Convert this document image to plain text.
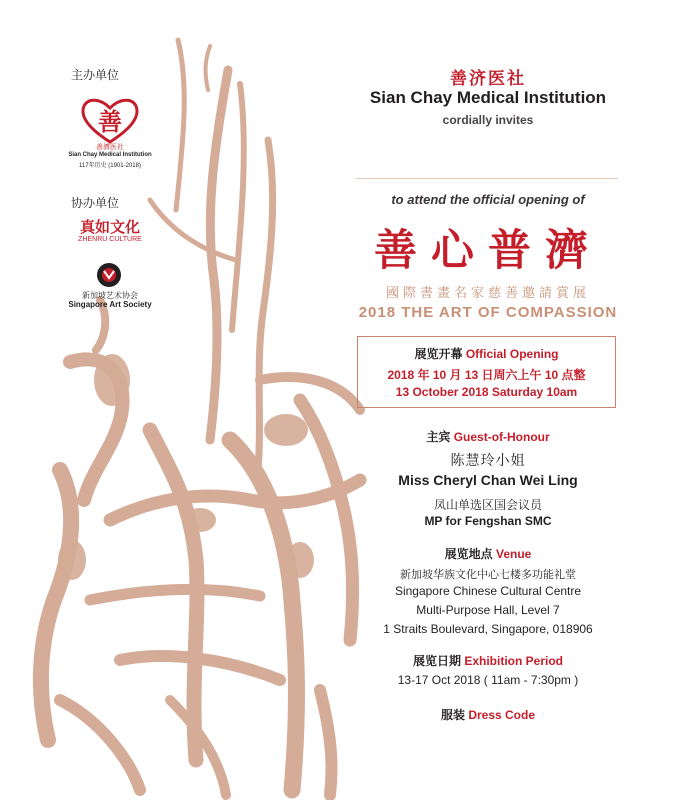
主办单位
善
善濟医社
Sian Chay Medical Institution
117年历史 (1901-2018)
协办单位
真如文化
ZHENRU CULTURE
新加坡艺术协会
Singapore Art Society
善济医社
Sian Chay Medical Institution
cordially invites
to attend the official opening of
善心普濟
國際書畫名家慈善邀請賞展
2018 THE ART OF COMPASSION
展览开幕 Official Opening
2018 年 10 月 13 日周六上午 10 点整
13 October 2018 Saturday 10am
主宾 Guest-of-Honour
陈慧玲小姐
Miss Cheryl Chan Wei Ling
凤山单选区国会议员
MP for Fengshan SMC
展览地点 Venue
新加坡华族文化中心七楼多功能礼堂
Singapore Chinese Cultural Centre
Multi-Purpose Hall, Level 7
1 Straits Boulevard, Singapore, 018906
展览日期 Exhibition Period
13-17 Oct 2018 ( 11am - 7:30pm )
服装 Dress Code
